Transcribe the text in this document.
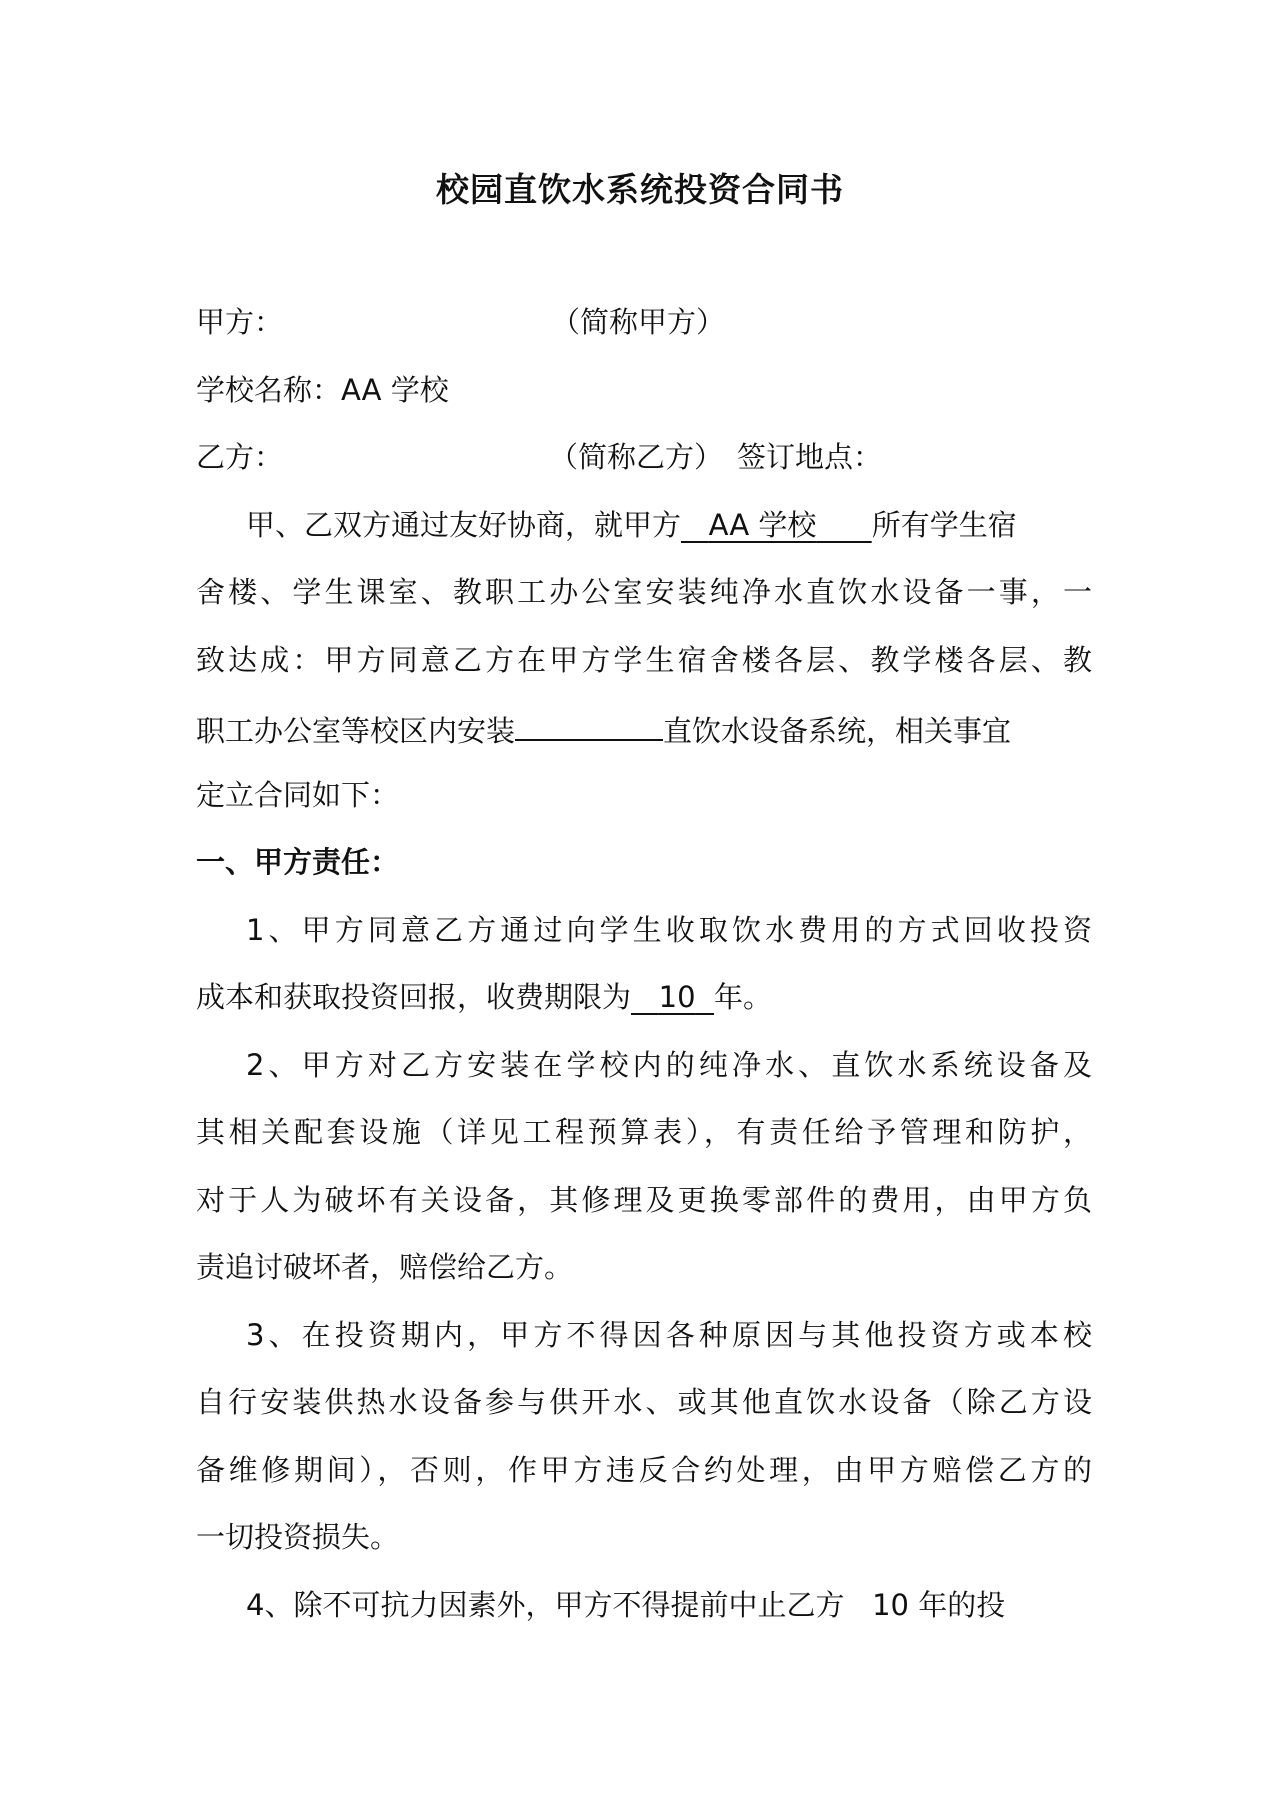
校园直饮水系统投资合同书
甲方：	（简称甲方）
学校名称：AA 学校
乙方：	（简称乙方） 签订地点：
甲、乙双方通过友好协商，就甲方 AA 学校 所有学生宿
舍楼、学生课室、教职工办公室安装纯净水直饮水设备一事，一
致达成：甲方同意乙方在甲方学生宿舍楼各层、教学楼各层、教
职工办公室等校区内安装	直饮水设备系统，相关事宜
定立合同如下：
一、甲方责任：
1、甲方同意乙方通过向学生收取饮水费用的方式回收投资
成本和获取投资回报，收费期限为 10 年。
2、甲方对乙方安装在学校内的纯净水、直饮水系统设备及
其相关配套设施（详见工程预算表），有责任给予管理和防护，
对于人为破坏有关设备，其修理及更换零部件的费用，由甲方负
责追讨破坏者，赔偿给乙方。
3、在投资期内，甲方不得因各种原因与其他投资方或本校
自行安装供热水设备参与供开水、或其他直饮水设备（除乙方设
备维修期间），否则，作甲方违反合约处理，由甲方赔偿乙方的
一切投资损失。
4、除不可抗力因素外，甲方不得提前中止乙方 10 年的投
